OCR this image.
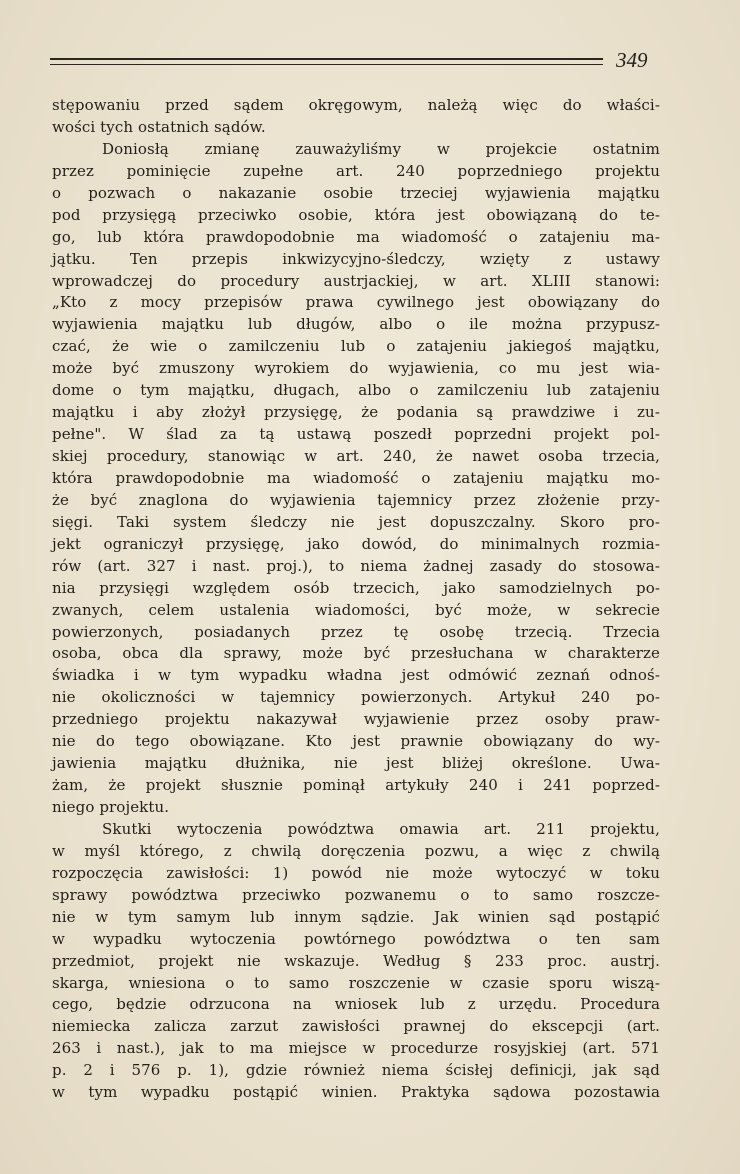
349
stępowaniu przed sądem okręgowym, należą więc do właści-
wości tych ostatnich sądów.
Doniosłą zmianę zauważyliśmy w projekcie ostatnim
przez pominięcie zupełne art. 240 poprzedniego projektu
o pozwach o nakazanie osobie trzeciej wyjawienia majątku
pod przysięgą przeciwko osobie, która jest obowiązaną do te-
go, lub która prawdopodobnie ma wiadomość o zatajeniu ma-
jątku. Ten przepis inkwizycyjno-śledczy, wzięty z ustawy
wprowadczej do procedury austrjackiej, w art. XLIII stanowi:
„Kto z mocy przepisów prawa cywilnego jest obowiązany do
wyjawienia majątku lub długów, albo o ile można przypusz-
czać, że wie o zamilczeniu lub o zatajeniu jakiegoś majątku,
może być zmuszony wyrokiem do wyjawienia, co mu jest wia-
dome o tym majątku, długach, albo o zamilczeniu lub zatajeniu
majątku i aby złożył przysięgę, że podania są prawdziwe i zu-
pełne". W ślad za tą ustawą poszedł poprzedni projekt pol-
skiej procedury, stanowiąc w art. 240, że nawet osoba trzecia,
która prawdopodobnie ma wiadomość o zatajeniu majątku mo-
że być znaglona do wyjawienia tajemnicy przez złożenie przy-
sięgi. Taki system śledczy nie jest dopuszczalny. Skoro pro-
jekt ograniczył przysięgę, jako dowód, do minimalnych rozmia-
rów (art. 327 i nast. proj.), to niema żadnej zasady do stosowa-
nia przysięgi względem osób trzecich, jako samodzielnych po-
zwanych, celem ustalenia wiadomości, być może, w sekrecie
powierzonych, posiadanych przez tę osobę trzecią. Trzecia
osoba, obca dla sprawy, może być przesłuchana w charakterze
świadka i w tym wypadku władna jest odmówić zeznań odnoś-
nie okoliczności w tajemnicy powierzonych. Artykuł 240 po-
przedniego projektu nakazywał wyjawienie przez osoby praw-
nie do tego obowiązane. Kto jest prawnie obowiązany do wy-
jawienia majątku dłużnika, nie jest bliżej określone. Uwa-
żam, że projekt słusznie pominął artykuły 240 i 241 poprzed-
niego projektu.
Skutki wytoczenia powództwa omawia art. 211 projektu,
w myśl którego, z chwilą doręczenia pozwu, a więc z chwilą
rozpoczęcia zawisłości: 1) powód nie może wytoczyć w toku
sprawy powództwa przeciwko pozwanemu o to samo roszcze-
nie w tym samym lub innym sądzie. Jak winien sąd postąpić
w wypadku wytoczenia powtórnego powództwa o ten sam
przedmiot, projekt nie wskazuje. Według § 233 proc. austrj.
skarga, wniesiona o to samo roszczenie w czasie sporu wiszą-
cego, będzie odrzucona na wniosek lub z urzędu. Procedura
niemiecka zalicza zarzut zawisłości prawnej do ekscepcji (art.
263 i nast.), jak to ma miejsce w procedurze rosyjskiej (art. 571
p. 2 i 576 p. 1), gdzie również niema ścisłej definicji, jak sąd
w tym wypadku postąpić winien. Praktyka sądowa pozostawia
